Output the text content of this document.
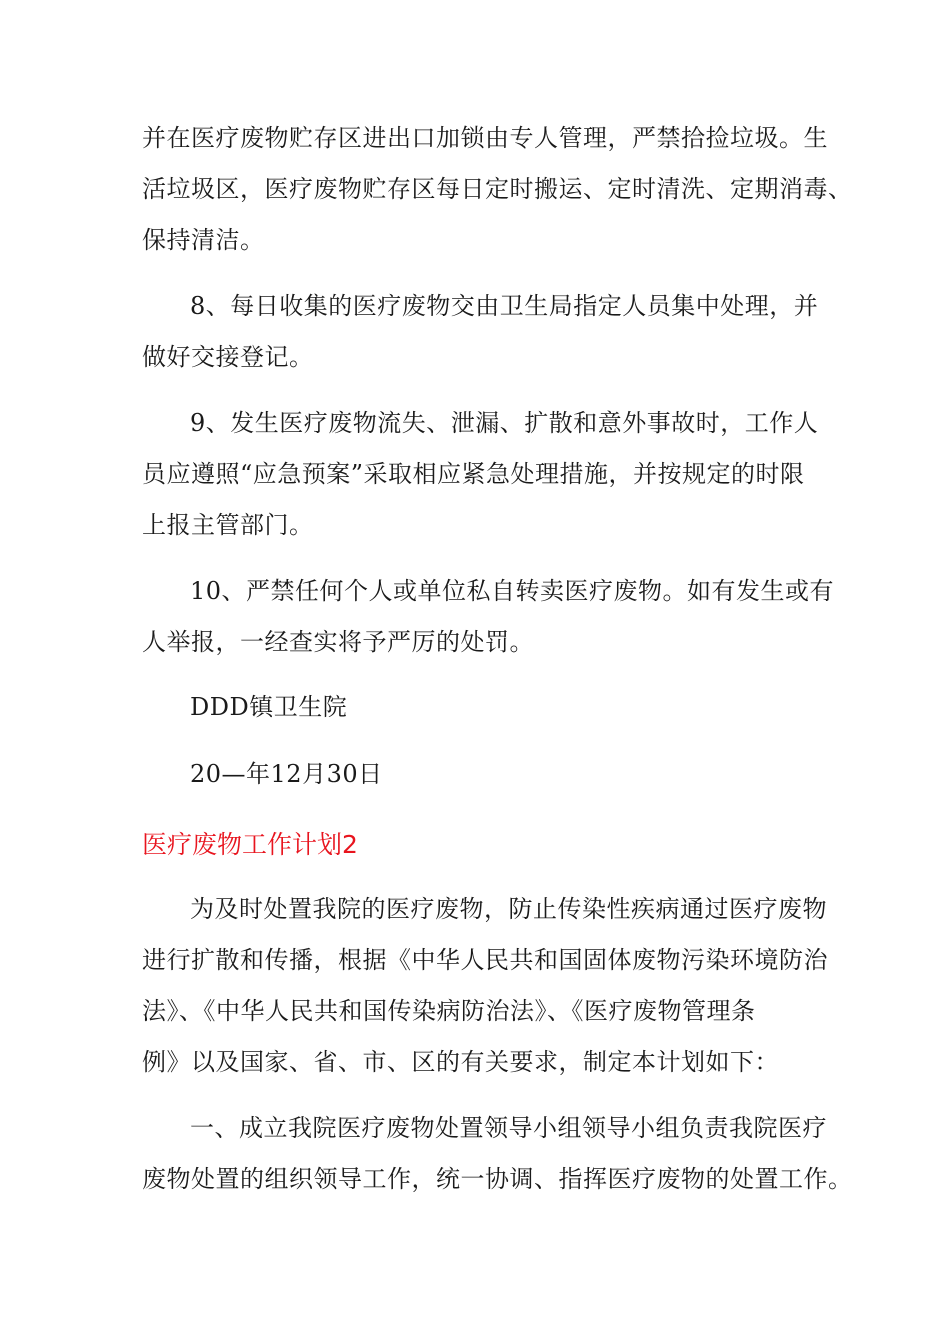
并在医疗废物贮存区进出口加锁由专人管理，严禁拾捡垃圾。生
活垃圾区，医疗废物贮存区每日定时搬运、定时清洗、定期消毒、
保持清洁。
8、每日收集的医疗废物交由卫生局指定人员集中处理，并
做好交接登记。
9、发生医疗废物流失、泄漏、扩散和意外事故时，工作人
员应遵照“应急预案”采取相应紧急处理措施，并按规定的时限
上报主管部门。
10、严禁任何个人或单位私自转卖医疗废物。如有发生或有
人举报，一经查实将予严厉的处罚。
DDD镇卫生院
20—年12月30日
医疗废物工作计划2
为及时处置我院的医疗废物，防止传染性疾病通过医疗废物
进行扩散和传播，根据《中华人民共和国固体废物污染环境防治
法》、《中华人民共和国传染病防治法》、《医疗废物管理条
例》以及国家、省、市、区的有关要求，制定本计划如下：
一、成立我院医疗废物处置领导小组领导小组负责我院医疗
废物处置的组织领导工作，统一协调、指挥医疗废物的处置工作。
